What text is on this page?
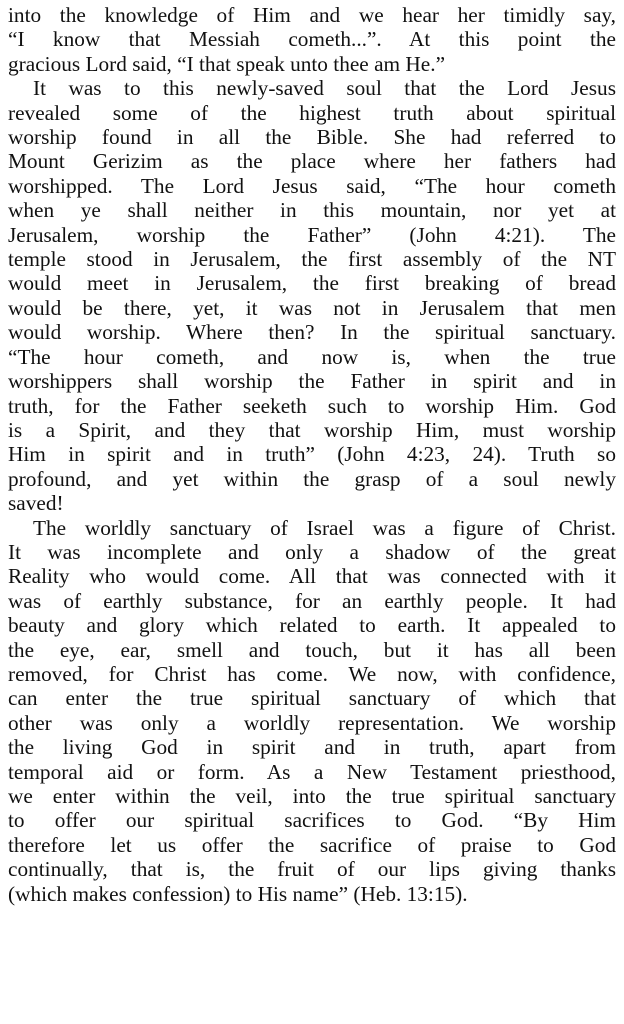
into the knowledge of Him and we hear her timidly say,
“I know that Messiah cometh...”. At this point the
gracious Lord said, “I that speak unto thee am He.”
It was to this newly-saved soul that the Lord Jesus
revealed some of the highest truth about spiritual
worship found in all the Bible. She had referred to
Mount Gerizim as the place where her fathers had
worshipped. The Lord Jesus said, “The hour cometh
when ye shall neither in this mountain, nor yet at
Jerusalem, worship the Father” (John 4:21). The
temple stood in Jerusalem, the first assembly of the NT
would meet in Jerusalem, the first breaking of bread
would be there, yet, it was not in Jerusalem that men
would worship. Where then? In the spiritual sanctuary.
“The hour cometh, and now is, when the true
worshippers shall worship the Father in spirit and in
truth, for the Father seeketh such to worship Him. God
is a Spirit, and they that worship Him, must worship
Him in spirit and in truth” (John 4:23, 24). Truth so
profound, and yet within the grasp of a soul newly
saved!
The worldly sanctuary of Israel was a figure of Christ.
It was incomplete and only a shadow of the great
Reality who would come. All that was connected with it
was of earthly substance, for an earthly people. It had
beauty and glory which related to earth. It appealed to
the eye, ear, smell and touch, but it has all been
removed, for Christ has come. We now, with confidence,
can enter the true spiritual sanctuary of which that
other was only a worldly representation. We worship
the living God in spirit and in truth, apart from
temporal aid or form. As a New Testament priesthood,
we enter within the veil, into the true spiritual sanctuary
to offer our spiritual sacrifices to God. “By Him
therefore let us offer the sacrifice of praise to God
continually, that is, the fruit of our lips giving thanks
(which makes confession) to His name” (Heb. 13:15).
